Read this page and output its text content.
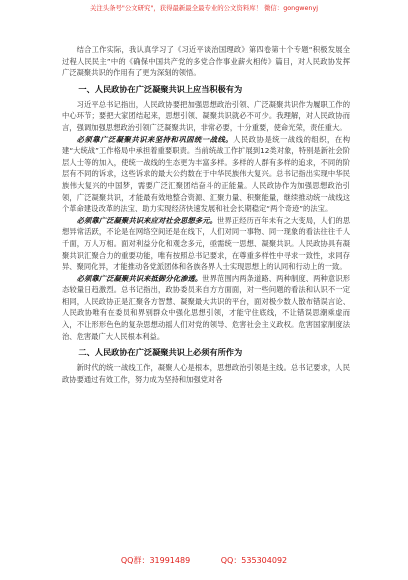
关注头条号"公文研究"，获得最新最全最专业的公文资料库！ 微信：gongwenyj

结合工作实际，我认真学习了《习近平谈治国理政》第四卷第十个专题“积极发展全过程人民民主”中的《确保中国共产党的多党合作事业薪火相传》篇目，对人民政协发挥广泛凝聚共识的作用有了更为深刻的领悟。

一、人民政协在广泛凝聚共识上应当积极有为

习近平总书记指出，人民政协要把加强思想政治引领、广泛凝聚共识作为履职工作的中心环节；要把大家团结起来，思想引领、凝聚共识就必不可少。我理解，对人民政协而言，强调加强思想政治引领广泛凝聚共识，非常必要，十分重要，使命光荣，责任重大。

必须靠广泛凝聚共识来坚持和巩固统一战线。人民政协是统一战线的组织，在构建“大统战”工作格局中承担着重要职责。当前统战工作扩展到12类对象，特别是新社会阶层人士等的加入，使统一战线的生态更为丰富多样。多样的人群有多样的追求，不同的阶层有不同的诉求，这些诉求的最大公约数在于中华民族伟大复兴。总书记指出实现中华民族伟大复兴的中国梦，需要广泛汇聚团结奋斗的正能量。人民政协作为加强思想政治引领，广泛凝聚共识，才能最有效地整合资源、汇聚力量、积聚能量，继续推动统一战线这个革命建设改革的法宝、助力实现经济快速发展和社会长期稳定“两个奇迹”的法宝。

必须靠广泛凝聚共识来应对社会思想多元。世界正经历百年未有之大变局，人们的思想异常活跃，不论是在网络空间还是在线下，人们对同一事物、同一现象的看法往往千人千面，万人万相。面对利益分化和观念多元，亟需统一思想、凝聚共识。人民政协具有凝聚共识汇聚合力的重要功能，唯有按照总书记要求，在尊重多样性中寻求一致性，求同存异、聚同化异，才能推动各党派团体和各族各界人士实现思想上的认同和行动上的一致。

必须靠广泛凝聚共识来抵御分化渗透。世界范围内两条道路、两种制度、两种意识形态较量日趋激烈。总书记指出，政协委员来自方方面面，对一些问题的看法和认识不一定相同，人民政协正是汇聚各方智慧、凝聚最大共识的平台，面对极少数人散布错误言论、人民政协唯有在委员和界别群众中强化思想引领，才能守住底线，不让错误思潮乘虚而入，不让形形色色的复杂思想动摇人们对党的领导、危害社会主义政权。危害国家制度法治、危害最广大人民根本利益。

二、人民政协在广泛凝聚共识上必须有所作为

新时代的统一战线工作，凝聚人心是根本，思想政治引领是主线。总书记要求，人民政协要通过有效工作，努力成为坚持和加强党对各

QQ群：31991489	QQ：535304092
